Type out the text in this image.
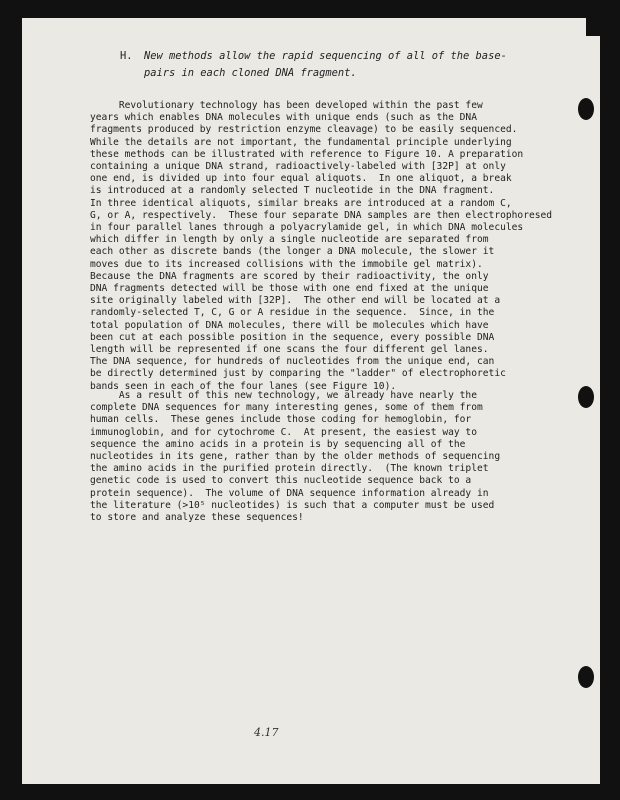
H. New methods allow the rapid sequencing of all of the base-
pairs in each cloned DNA fragment.
Revolutionary technology has been developed within the past few
years which enables DNA molecules with unique ends (such as the DNA
fragments produced by restriction enzyme cleavage) to be easily sequenced.
While the details are not important, the fundamental principle underlying
these methods can be illustrated with reference to Figure 10. A preparation
containing a unique DNA strand, radioactively-labeled with [32P] at only
one end, is divided up into four equal aliquots.  In one aliquot, a break
is introduced at a randomly selected T nucleotide in the DNA fragment.
In three identical aliquots, similar breaks are introduced at a random C,
G, or A, respectively.  These four separate DNA samples are then electrophoresed
in four parallel lanes through a polyacrylamide gel, in which DNA molecules
which differ in length by only a single nucleotide are separated from
each other as discrete bands (the longer a DNA molecule, the slower it
moves due to its increased collisions with the immobile gel matrix).
Because the DNA fragments are scored by their radioactivity, the only
DNA fragments detected will be those with one end fixed at the unique
site originally labeled with [32P].  The other end will be located at a
randomly-selected T, C, G or A residue in the sequence.  Since, in the
total population of DNA molecules, there will be molecules which have
been cut at each possible position in the sequence, every possible DNA
length will be represented if one scans the four different gel lanes.
The DNA sequence, for hundreds of nucleotides from the unique end, can
be directly determined just by comparing the "ladder" of electrophoretic
bands seen in each of the four lanes (see Figure 10).
As a result of this new technology, we already have nearly the
complete DNA sequences for many interesting genes, some of them from
human cells.  These genes include those coding for hemoglobin, for
immunoglobin, and for cytochrome C.  At present, the easiest way to
sequence the amino acids in a protein is by sequencing all of the
nucleotides in its gene, rather than by the older methods of sequencing
the amino acids in the purified protein directly.  (The known triplet
genetic code is used to convert this nucleotide sequence back to a
protein sequence).  The volume of DNA sequence information already in
the literature (>10⁵ nucleotides) is such that a computer must be used
to store and analyze these sequences!
4.17
